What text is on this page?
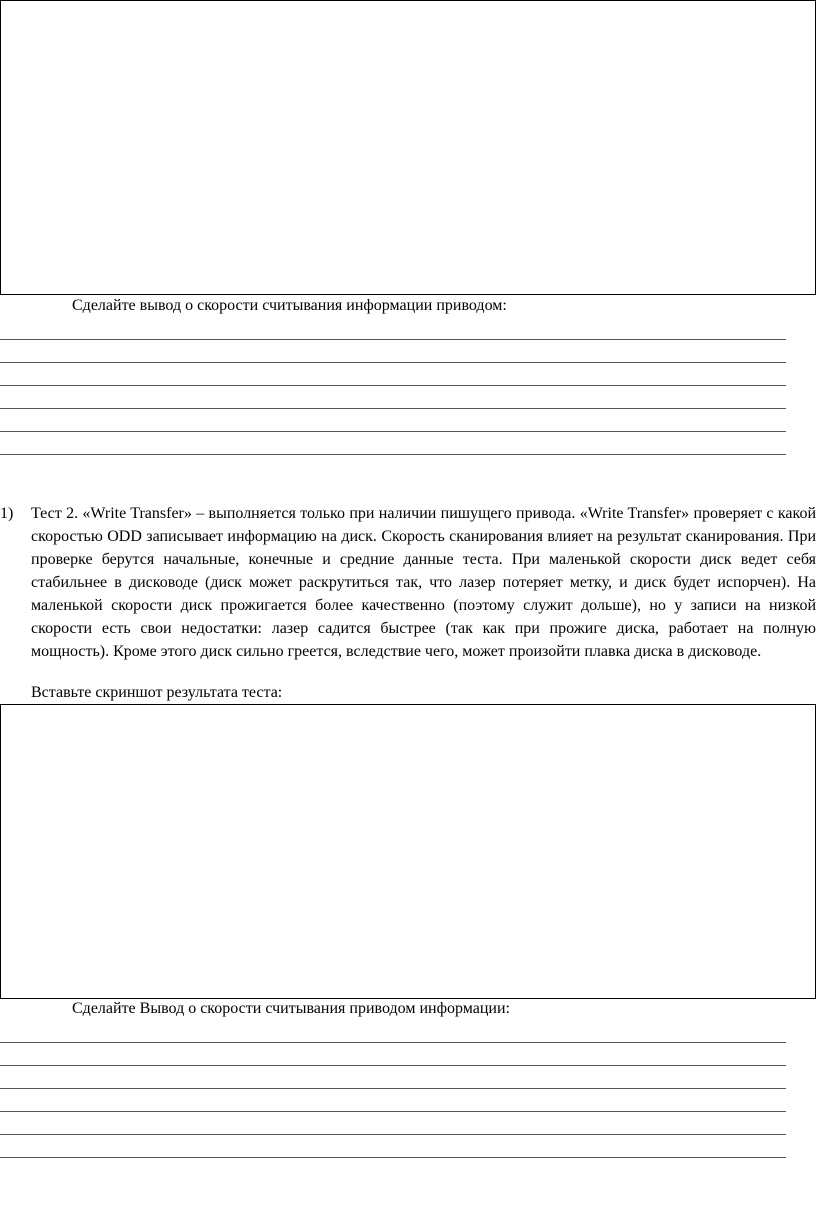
Сделайте вывод о скорости считывания информации приводом:
1) Тест 2. «Write Transfer» – выполняется только при наличии пишущего привода. «Write Transfer» проверяет с какой скоростью ODD записывает информацию на диск. Скорость сканирования влияет на результат сканирования. При проверке берутся начальные, конечные и средние данные теста. При маленькой скорости диск ведет себя стабильнее в дисководе (диск может раскрутиться так, что лазер потеряет метку, и диск будет испорчен). На маленькой скорости диск прожигается более качественно (поэтому служит дольше), но у записи на низкой скорости есть свои недостатки: лазер садится быстрее (так как при прожиге диска, работает на полную мощность). Кроме этого диск сильно греется, вследствие чего, может произойти плавка диска в дисководе.
Вставьте скриншот результата теста:
Сделайте Вывод о скорости считывания приводом информации:
